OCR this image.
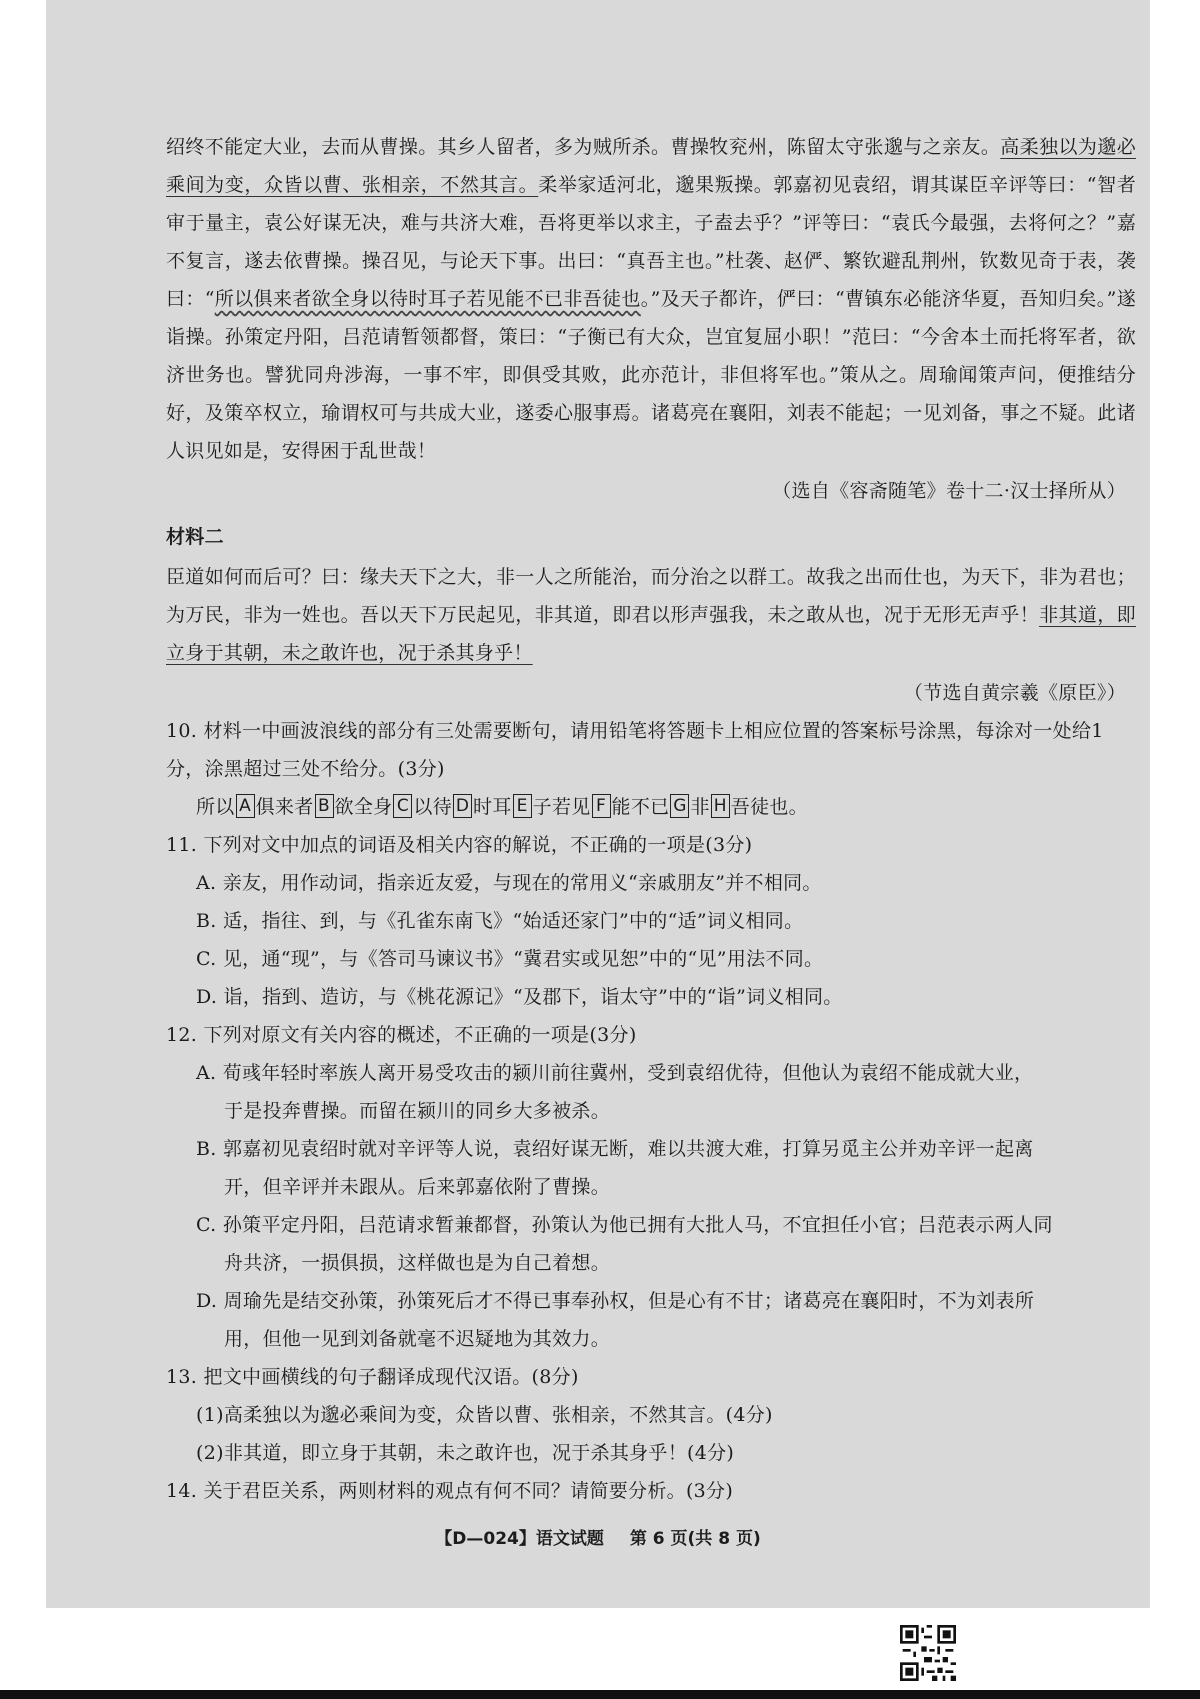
绍终不能定大业，去而从曹操。其乡人留者，多为贼所杀。曹操牧兖州，陈留太守张邈与之亲友。高柔独以为邈必乘间为变，众皆以曹、张相亲，不然其言。柔举家适河北，邈果叛操。郭嘉初见袁绍，谓其谋臣辛评等曰：“智者审于量主，袁公好谋无决，难与共济大难，吾将更举以求主，子盍去乎？”评等曰：“袁氏今最强，去将何之？”嘉不复言，遂去依曹操。操召见，与论天下事。出曰：“真吾主也。”杜袭、赵俨、繁钦避乱荆州，钦数见奇于表，袭曰：“所以俱来者欲全身以待时耳子若见能不已非吾徒也。”及天子都许，俨曰：“曹镇东必能济华夏，吾知归矣。”遂诣操。孙策定丹阳，吕范请暂领都督，策曰：“子衡已有大众，岂宜复屈小职！”范曰：“今舍本土而托将军者，欲济世务也。譬犹同舟涉海，一事不牢，即俱受其败，此亦范计，非但将军也。”策从之。周瑜闻策声问，便推结分好，及策卒权立，瑜谓权可与共成大业，遂委心服事焉。诸葛亮在襄阳，刘表不能起；一见刘备，事之不疑。此诸人识见如是，安得困于乱世哉！

（选自《容斋随笔》卷十二·汉士择所从）
材料二

臣道如何而后可？曰：缘夫天下之大，非一人之所能治，而分治之以群工。故我之出而仕也，为天下，非为君也；为万民，非为一姓也。吾以天下万民起见，非其道，即君以形声强我，未之敢从也，况于无形无声乎！非其道，即立身于其朝，未之敢许也，况于杀其身乎！

（节选自黄宗羲《原臣》）
10. 材料一中画波浪线的部分有三处需要断句，请用铅笔将答题卡上相应位置的答案标号涂黑，每涂对一处给1分，涂黑超过三处不给分。(3分)
所以 A 俱来者 B 欲全身 C 以待 D 时耳 E 子若见 F 能不已 G 非 H 吾徒也。
11. 下列对文中加点的词语及相关内容的解说，不正确的一项是(3分)
A. 亲友，用作动词，指亲近友爱，与现在的常用义“亲戚朋友”并不相同。
B. 适，指往、到，与《孔雀东南飞》“始适还家门”中的“适”词义相同。
C. 见，通“现”，与《答司马谏议书》“冀君实或见恕”中的“见”用法不同。
D. 诣，指到、造访，与《桃花源记》“及郡下，诣太守”中的“诣”词义相同。
12. 下列对原文有关内容的概述，不正确的一项是(3分)
A. 荀彧年轻时率族人离开易受攻击的颍川前往冀州，受到袁绍优待，但他认为袁绍不能成就大业，
于是投奔曹操。而留在颍川的同乡大多被杀。
B. 郭嘉初见袁绍时就对辛评等人说，袁绍好谋无断，难以共渡大难，打算另觅主公并劝辛评一起离
开，但辛评并未跟从。后来郭嘉依附了曹操。
C. 孙策平定丹阳，吕范请求暂兼都督，孙策认为他已拥有大批人马，不宜担任小官；吕范表示两人同
舟共济，一损俱损，这样做也是为自己着想。
D. 周瑜先是结交孙策，孙策死后才不得已事奉孙权，但是心有不甘；诸葛亮在襄阳时，不为刘表所
用，但他一见到刘备就毫不迟疑地为其效力。
13. 把文中画横线的句子翻译成现代汉语。(8分)
(1)高柔独以为邈必乘间为变，众皆以曹、张相亲，不然其言。(4分)
(2)非其道，即立身于其朝，未之敢许也，况于杀其身乎！(4分)
14. 关于君臣关系，两则材料的观点有何不同？请简要分析。(3分)
【D—024】语文试题 第 6 页(共 8 页)
